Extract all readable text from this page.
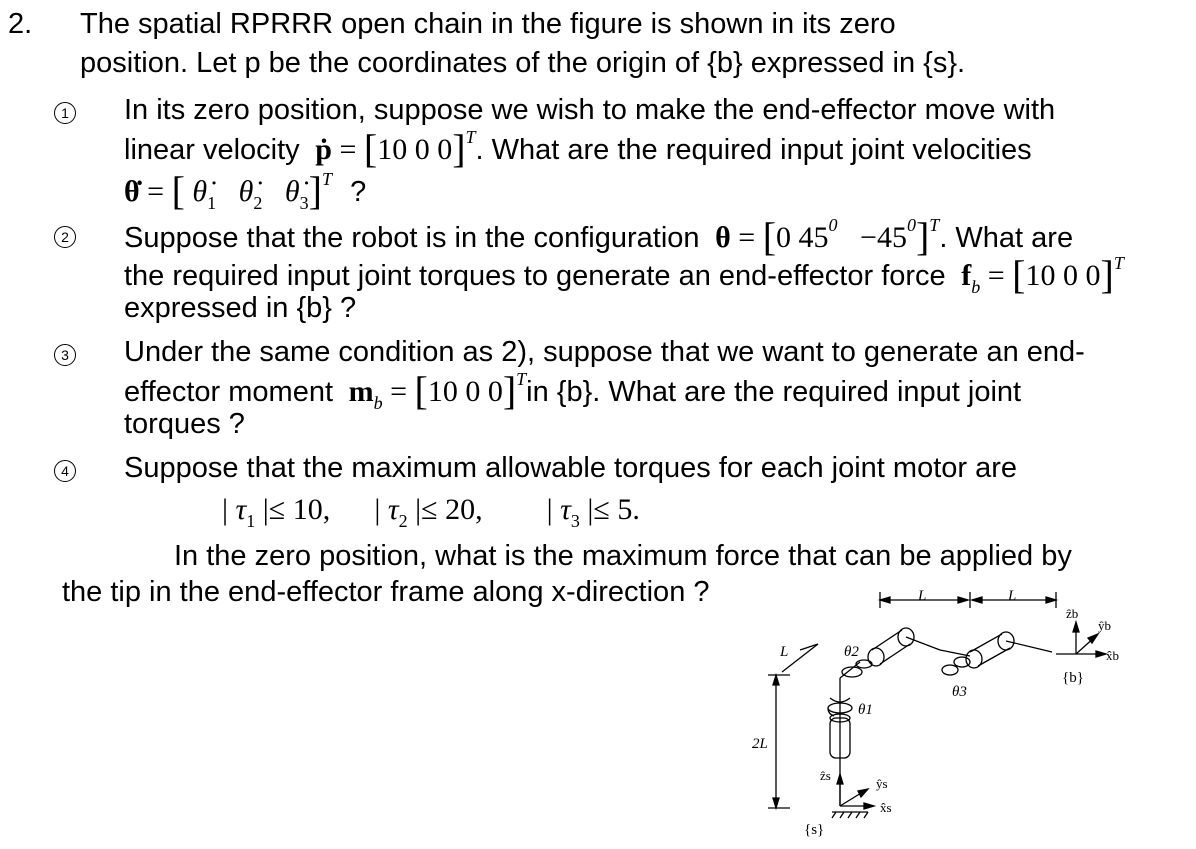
2. The spatial RPRRR open chain in the figure is shown in its zero
position. Let p be the coordinates of the origin of {b} expressed in {s}.
1 In its zero position, suppose we wish to make the end-effector move with
linear velocity  ṗ = [10 0 0]$^T$. What are the required input joint velocities
θ̇ = [ $\thetȧ_1$   $\thetȧ_2$   $\thetȧ_3]^T$ ?
2 Suppose that the robot is in the configuration  θ = [0 $45^0 -45^0]^T$. What are
the required input joint torques to generate an end-effector force  $f_b = [10$ 0 0]$^T$
expressed in {b} ?
3 Under the same condition as 2), suppose that we want to generate an end-
effector moment  $m_b = [10$ 0 0]$^T$in {b}. What are the required input joint
torques ?
4 Suppose that the maximum allowable torques for each joint motor are
| $\tau_1$ |≤ 10, | $\tau_2$ |≤ 20, | $\tau_3$ |≤ 5.
In the zero position, what is the maximum force that can be applied by
the tip in the end-effector frame along x-direction ?	L	L
L
2L
θ2
θ1
θ3
{b}
{s}
ẑb
ŷb
x̂b
ẑs
ŷs
x̂s
